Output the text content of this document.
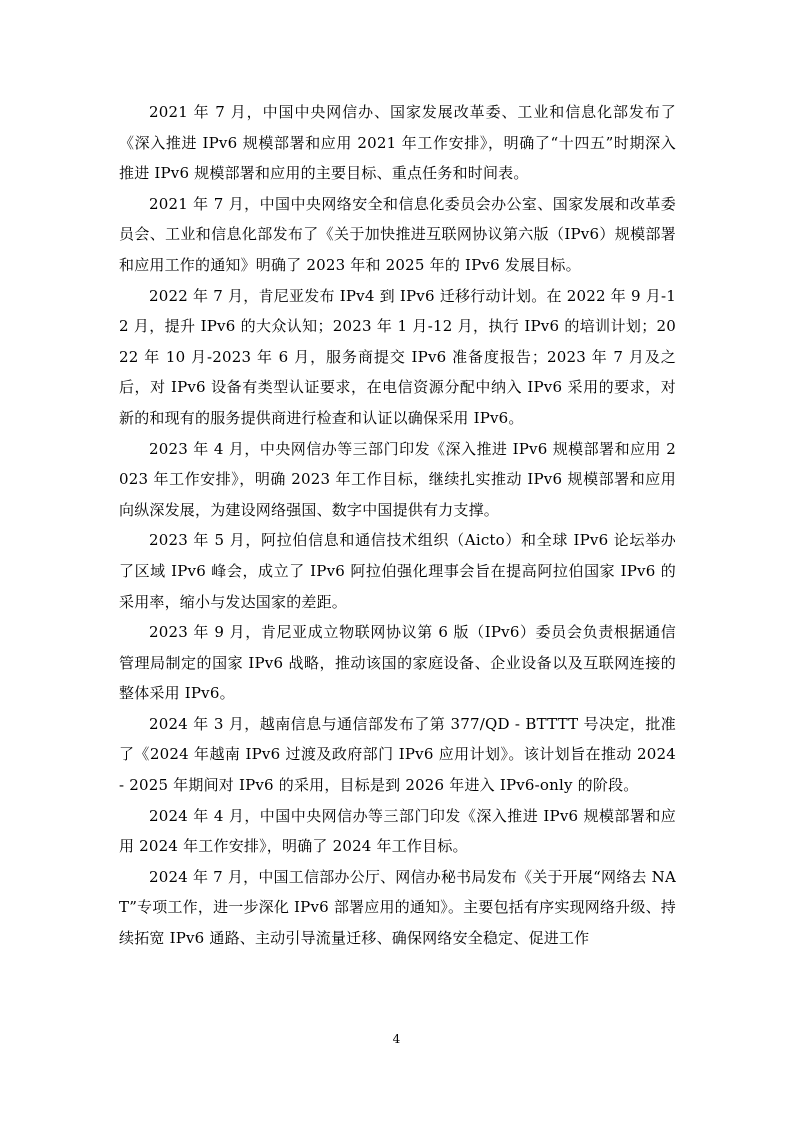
2021 年 7 月，中国中央网信办、国家发展改革委、工业和信息化部发布了《深入推进 IPv6 规模部署和应用 2021 年工作安排》，明确了“十四五”时期深入推进 IPv6 规模部署和应用的主要目标、重点任务和时间表。

2021 年 7 月，中国中央网络安全和信息化委员会办公室、国家发展和改革委员会、工业和信息化部发布了《关于加快推进互联网协议第六版（IPv6）规模部署和应用工作的通知》明确了 2023 年和 2025 年的 IPv6 发展目标。

2022 年 7 月，肯尼亚发布 IPv4 到 IPv6 迁移行动计划。在 2022 年 9 月-12 月，提升 IPv6 的大众认知；2023 年 1 月-12 月，执行 IPv6 的培训计划；2022 年 10 月-2023 年 6 月，服务商提交 IPv6 准备度报告；2023 年 7 月及之后，对 IPv6 设备有类型认证要求，在电信资源分配中纳入 IPv6 采用的要求，对新的和现有的服务提供商进行检查和认证以确保采用 IPv6。

2023 年 4 月，中央网信办等三部门印发《深入推进 IPv6 规模部署和应用 2023 年工作安排》，明确 2023 年工作目标，继续扎实推动 IPv6 规模部署和应用向纵深发展，为建设网络强国、数字中国提供有力支撑。

2023 年 5 月，阿拉伯信息和通信技术组织（Aicto）和全球 IPv6 论坛举办了区域 IPv6 峰会，成立了 IPv6 阿拉伯强化理事会旨在提高阿拉伯国家 IPv6 的采用率，缩小与发达国家的差距。

2023 年 9 月，肯尼亚成立物联网协议第 6 版（IPv6）委员会负责根据通信管理局制定的国家 IPv6 战略，推动该国的家庭设备、企业设备以及互联网连接的整体采用 IPv6。

2024 年 3 月，越南信息与通信部发布了第 377/QD - BTTTT 号决定，批准了《2024 年越南 IPv6 过渡及政府部门 IPv6 应用计划》。该计划旨在推动 2024 - 2025 年期间对 IPv6 的采用，目标是到 2026 年进入 IPv6-only 的阶段。

2024 年 4 月，中国中央网信办等三部门印发《深入推进 IPv6 规模部署和应用 2024 年工作安排》，明确了 2024 年工作目标。

2024 年 7 月，中国工信部办公厅、网信办秘书局发布《关于开展“网络去 NAT”专项工作，进一步深化 IPv6 部署应用的通知》。主要包括有序实现网络升级、持续拓宽 IPv6 通路、主动引导流量迁移、确保网络安全稳定、促进工作

4
